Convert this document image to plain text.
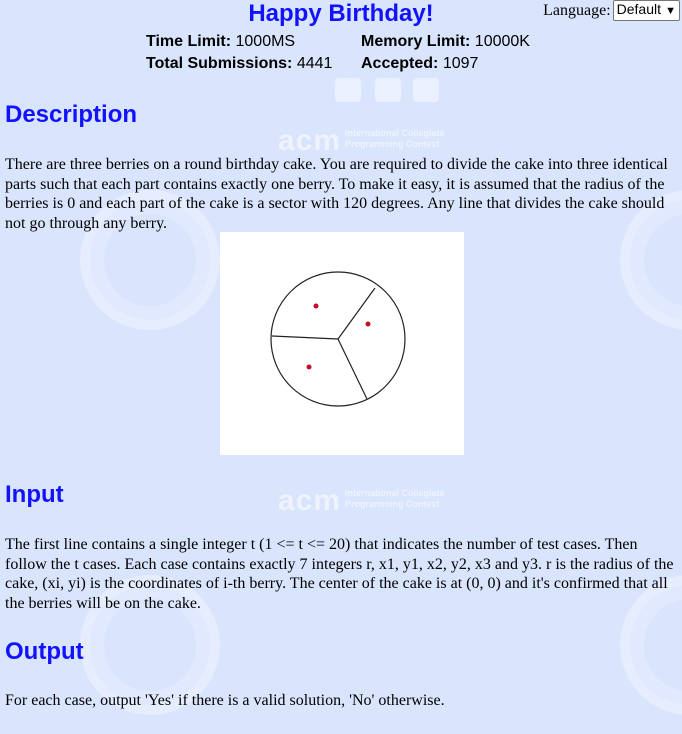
acm International Collegiate
Programming Contest
acm International Collegiate
Programming Contest
Happy Birthday!	Language: Default ▼
Time Limit: 1000MS	Memory Limit: 10000K
Total Submissions: 4441 Accepted: 1097
Description

There are three berries on a round birthday cake. You are required to divide the cake into three identical parts such that each part contains exactly one berry. To make it easy, it is assumed that the radius of the berries is 0 and each part of the cake is a sector with 120 degrees. Any line that divides the cake should not go through any berry.

Input

The first line contains a single integer t (1 <= t <= 20) that indicates the number of test cases. Then follow the t cases. Each case contains exactly 7 integers r, x1, y1, x2, y2, x3 and y3. r is the radius of the cake, (xi, yi) is the coordinates of i-th berry. The center of the cake is at (0, 0) and it's confirmed that all the berries will be on the cake.

Output

For each case, output 'Yes' if there is a valid solution, 'No' otherwise.
